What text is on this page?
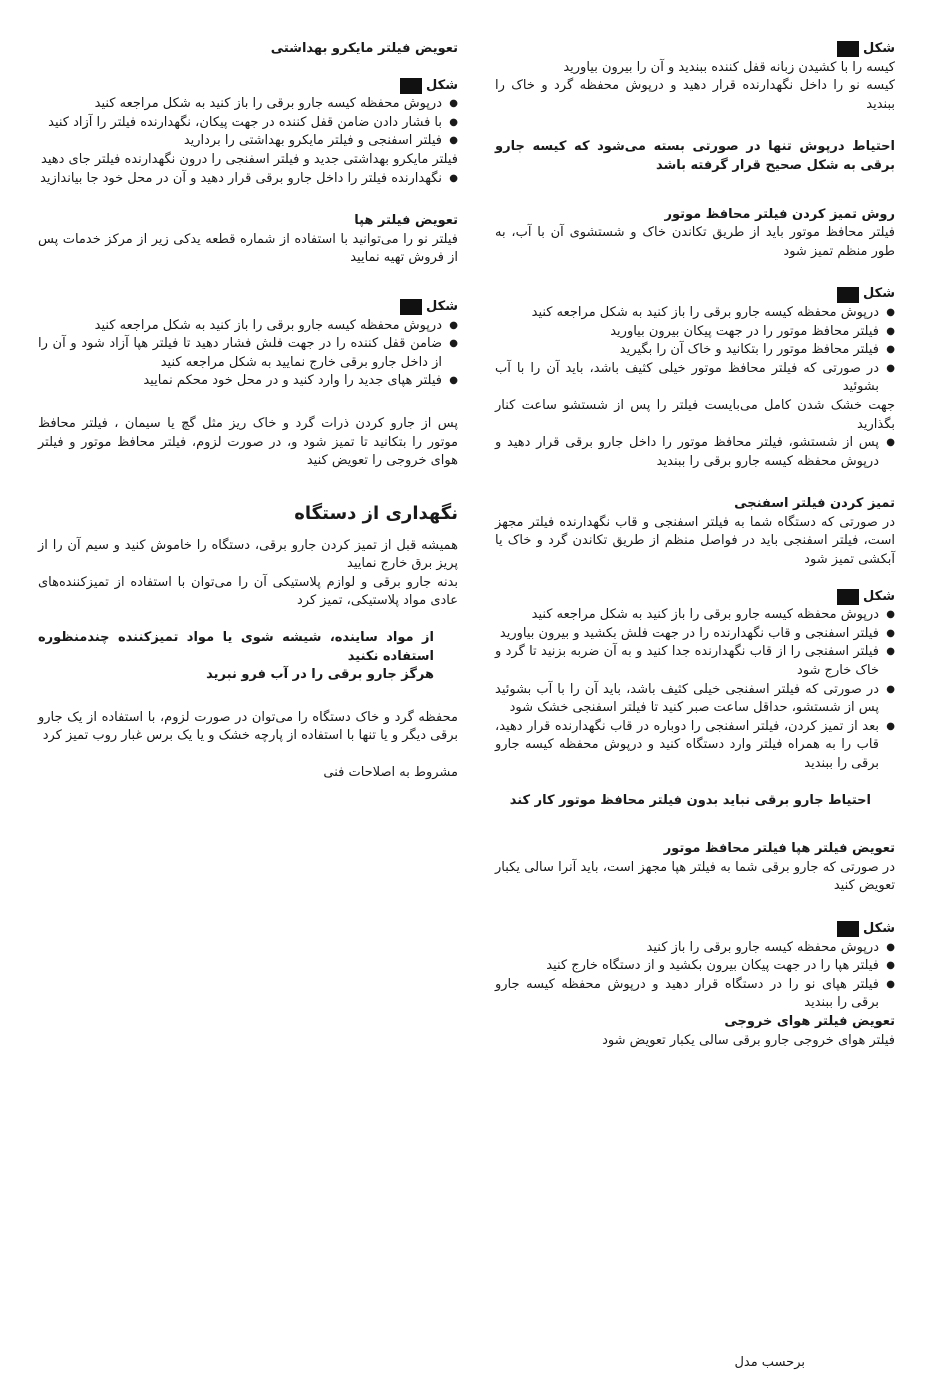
شکل

کیسه را با کشیدن زبانه قفل کننده ببندید و آن را بیرون بیاورید

کیسه نو را داخل نگهدارنده قرار دهید و درپوش محفظه گرد و خاک را ببندید

احتیاط درپوش تنها در صورتی بسته می‌شود که کیسه جارو برقی به شکل صحیح قرار گرفته باشد

روش تمیز کردن فیلتر محافظ موتور

فیلتر محافظ موتور باید از طریق تکاندن خاک و شستشوی آن با آب، به طور منظم تمیز شود

شکل
● درپوش محفظه کیسه جارو برقی را باز کنید به شکل مراجعه کنید
● فیلتر محافظ موتور را در جهت پیکان بیرون بیاورید
● فیلتر محافظ موتور را بتکانید و خاک آن را بگیرید
● در صورتی که فیلتر محافظ موتور خیلی کثیف باشد، باید آن را با آب بشوئید

جهت خشک شدن کامل می‌بایست فیلتر را پس از شستشو ساعت کنار بگذارید

● پس از شستشو، فیلتر محافظ موتور را داخل جارو برقی قرار دهید و درپوش محفظه کیسه جارو برقی را ببندید

تمیز کردن فیلتر اسفنجی

در صورتی که دستگاه شما به فیلتر اسفنجی و قاب نگهدارنده فیلتر مجهز است، فیلتر اسفنجی باید در فواصل منظم از طریق تکاندن گرد و خاک یا آبکشی تمیز شود

شکل
● درپوش محفظه کیسه جارو برقی را باز کنید به شکل مراجعه کنید
● فیلتر اسفنجی و قاب نگهدارنده را در جهت فلش بکشید و بیرون بیاورید
● فیلتر اسفنجی را از قاب نگهدارنده جدا کنید و به آن ضربه بزنید تا گرد و خاک خارج شود
● در صورتی که فیلتر اسفنجی خیلی کثیف باشد، باید آن را با آب بشوئید پس از شستشو، حداقل ساعت صبر کنید تا فیلتر اسفنجی خشک شود
● بعد از تمیز کردن، فیلتر اسفنجی را دوباره در قاب نگهدارنده قرار دهید، قاب را به همراه فیلتر وارد دستگاه کنید و درپوش محفظه کیسه جارو برقی را ببندید

احتیاط جارو برقی نباید بدون فیلتر محافظ موتور کار کند

تعویض فیلتر هپا فیلتر محافظ موتور

در صورتی که جارو برقی شما به فیلتر هپا مجهز است، باید آنرا سالی یکبار تعویض کنید

شکل
● درپوش محفظه کیسه جارو برقی را باز کنید
● فیلتر هپا را در جهت پیکان بیرون بکشید و از دستگاه خارج کنید
● فیلتر هپای نو را در دستگاه قرار دهید و درپوش محفظه کیسه جارو برقی را ببندید

تعویض فیلتر هوای خروجی

فیلتر هوای خروجی جارو برقی سالی یکبار تعویض شود

تعویض فیلتر مایکرو بهداشتی

شکل
● درپوش محفظه کیسه جارو برقی را باز کنید به شکل مراجعه کنید
● با فشار دادن ضامن قفل کننده در جهت پیکان، نگهدارنده فیلتر را آزاد کنید
● فیلتر اسفنجی و فیلتر مایکرو بهداشتی را بردارید

فیلتر مایکرو بهداشتی جدید و فیلتر اسفنجی را درون نگهدارنده فیلتر جای دهید

● نگهدارنده فیلتر را داخل جارو برقی قرار دهید و آن در محل خود جا بیاندازید

تعویض فیلتر هپا

فیلتر نو را می‌توانید با استفاده از شماره قطعه یدکی زیر از مرکز خدمات پس از فروش تهیه نمایید

شکل
● درپوش محفظه کیسه جارو برقی را باز کنید به شکل مراجعه کنید
● ضامن قفل کننده را در جهت فلش فشار دهید تا فیلتر هپا آزاد شود و آن را از داخل جارو برقی خارج نمایید به شکل مراجعه کنید
● فیلتر هپای جدید را وارد کنید و در محل خود محکم نمایید

پس از جارو کردن ذرات گرد و خاک ریز مثل گچ یا سیمان ، فیلتر محافظ موتور را بتکانید تا تمیز شود و، در صورت لزوم، فیلتر محافظ موتور و فیلتر هوای خروجی را تعویض کنید

نگهداری از دستگاه

همیشه قبل از تمیز کردن جارو برقی، دستگاه را خاموش کنید و سیم آن را از پریز برق خارج نمایید

بدنه جارو برقی و لوازم پلاستیکی آن را می‌توان با استفاده از تمیزکننده‌های عادی مواد پلاستیکی، تمیز کرد

از مواد ساینده، شیشه شوی یا مواد تمیزکننده چندمنظوره استفاده نکنید

هرگز جارو برقی را در آب فرو نبرید

محفظه گرد و خاک دستگاه را می‌توان در صورت لزوم، با استفاده از یک جارو برقی دیگر و یا تنها با استفاده از پارچه خشک و یا یک برس غبار روب تمیز کرد

مشروط به اصلاحات فنی

برحسب مدل
